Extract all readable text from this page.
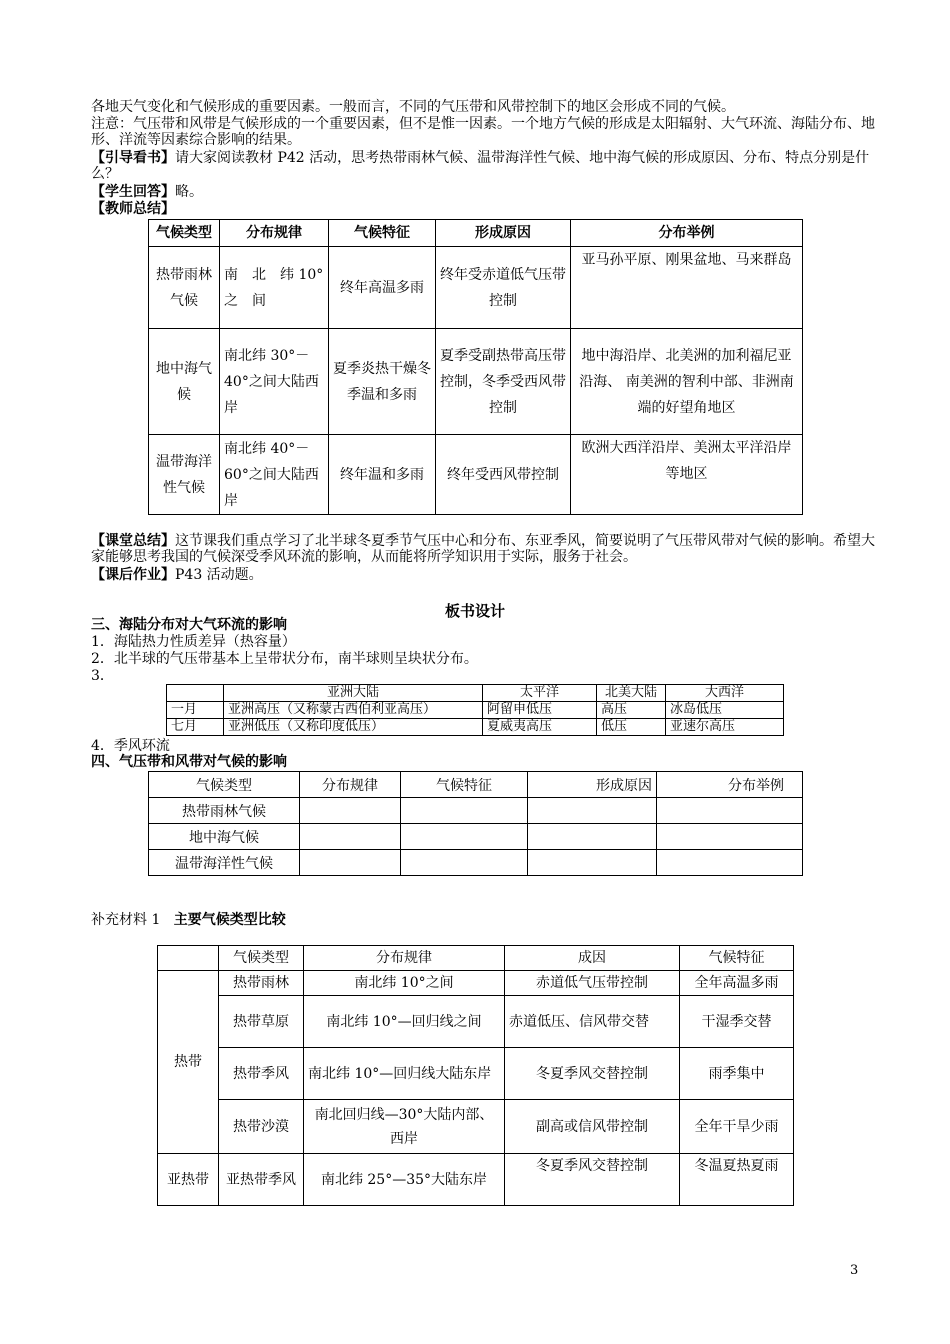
各地天气变化和气候形成的重要因素。一般而言，不同的气压带和风带控制下的地区会形成不同的气候。

注意：气压带和风带是气候形成的一个重要因素，但不是惟一因素。一个地方气候的形成是太阳辐射、大气环流、海陆分布、地形、洋流等因素综合影响的结果。

【引导看书】请大家阅读教材 P42 活动，思考热带雨林气候、温带海洋性气候、地中海气候的形成原因、分布、特点分别是什么？

【学生回答】略。

【教师总结】

气候类型	分布规律	气候特征	形成原因	分布举例
热带雨林气候	南　北　纬 10°之　间	终年高温多雨	终年受赤道低气压带控制	亚马孙平原、刚果盆地、马来群岛
地中海气候	南北纬 30°－40°之间大陆西岸	夏季炎热干燥冬季温和多雨	夏季受副热带高压带控制，冬季受西风带控制	地中海沿岸、北美洲的加利福尼亚沿海、 南美洲的智利中部、非洲南端的好望角地区
温带海洋性气候	南北纬 40°－60°之间大陆西岸	终年温和多雨	终年受西风带控制	欧洲大西洋沿岸、美洲太平洋沿岸等地区

【课堂总结】这节课我们重点学习了北半球冬夏季节气压中心和分布、东亚季风，简要说明了气压带风带对气候的影响。希望大家能够思考我国的气候深受季风环流的影响，从而能将所学知识用于实际，服务于社会。

【课后作业】P43 活动题。

板书设计

三、海陆分布对大气环流的影响

1．海陆热力性质差异（热容量）

2．北半球的气压带基本上呈带状分布，南半球则呈块状分布。

3．

	亚洲大陆	太平洋	北美大陆	大西洋
一月	亚洲高压（又称蒙古西伯利亚高压）	阿留申低压	高压	冰岛低压
七月	亚洲低压（又称印度低压）	夏威夷高压	低压	亚速尔高压

4．季风环流

四、气压带和风带对气候的影响

气候类型	分布规律	气候特征	形成原因	分布举例
热带雨林气候				
地中海气候				
温带海洋性气候				

补充材料 1 主要气候类型比较

	气候类型	分布规律	成因	气候特征
热带	热带雨林	南北纬 10°之间	赤道低气压带控制	全年高温多雨
	热带草原	南北纬 10°—回归线之间	赤道低压、信风带交替	干湿季交替
	热带季风	南北纬 10°—回归线大陆东岸	冬夏季风交替控制	雨季集中
	热带沙漠	南北回归线—30°大陆内部、西岸	副高或信风带控制	全年干旱少雨
亚热带	亚热带季风	南北纬 25°—35°大陆东岸	冬夏季风交替控制	冬温夏热夏雨
3
